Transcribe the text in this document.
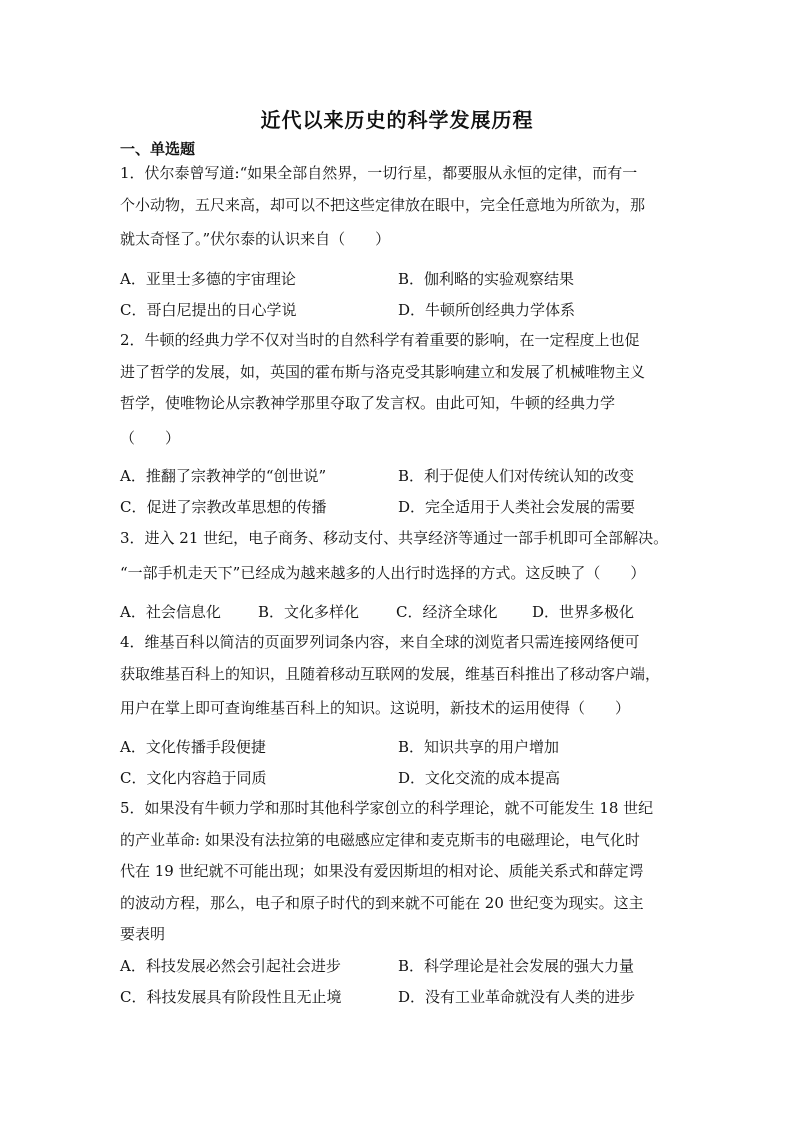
近代以来历史的科学发展历程
一、单选题
1．伏尔泰曾写道:“如果全部自然界，一切行星，都要服从永恒的定律，而有一
个小动物，五尺来高，却可以不把这些定律放在眼中，完全任意地为所欲为，那
就太奇怪了。”伏尔泰的认识来自（　　）
A．亚里士多德的宇宙理论	B．伽利略的实验观察结果
C．哥白尼提出的日心学说	D．牛顿所创经典力学体系
2．牛顿的经典力学不仅对当时的自然科学有着重要的影响，在一定程度上也促
进了哲学的发展，如，英国的霍布斯与洛克受其影响建立和发展了机械唯物主义
哲学，使唯物论从宗教神学那里夺取了发言权。由此可知，牛顿的经典力学
（　　）
A．推翻了宗教神学的“创世说”	B．利于促使人们对传统认知的改变
C．促进了宗教改革思想的传播	D．完全适用于人类社会发展的需要
3．进入 21 世纪，电子商务、移动支付、共享经济等通过一部手机即可全部解决。
“一部手机走天下”已经成为越来越多的人出行时选择的方式。这反映了（　　）
A．社会信息化 B．文化多样化 C．经济全球化 D．世界多极化
4．维基百科以简洁的页面罗列词条内容，来自全球的浏览者只需连接网络便可
获取维基百科上的知识，且随着移动互联网的发展，维基百科推出了移动客户端，
用户在掌上即可查询维基百科上的知识。这说明，新技术的运用使得（　　）
A．文化传播手段便捷	B．知识共享的用户增加
C．文化内容趋于同质	D．文化交流的成本提高
5．如果没有牛顿力学和那时其他科学家创立的科学理论，就不可能发生 18 世纪
的产业革命: 如果没有法拉第的电磁感应定律和麦克斯韦的电磁理论，电气化时
代在 19 世纪就不可能出现；如果没有爱因斯坦的相对论、质能关系式和薛定谔
的波动方程，那么，电子和原子时代的到来就不可能在 20 世纪变为现实。这主
要表明
A．科技发展必然会引起社会进步	B．科学理论是社会发展的强大力量
C．科技发展具有阶段性且无止境	D．没有工业革命就没有人类的进步
